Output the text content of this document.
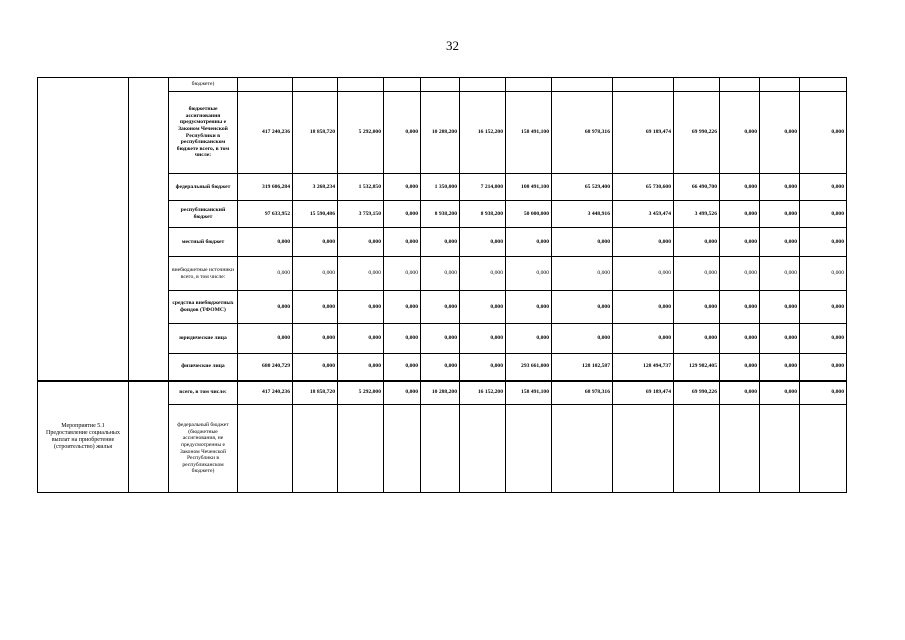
32
		бюджете)													
		бюджетные ассигнования предусмотренны е Законом Чеченской Республики в республиканском бюджете всего, в том числе:	417 240,236	18 858,720	5 292,000	0,000	10 288,200	16 152,200	158 491,100	68 978,316	69 189,474	69 990,226	0,000	0,000	0,000
		федеральный бюджет	319 606,284	3 268,234	1 532,850	0,000	1 350,000	7 214,000	108 491,100	65 529,400	65 730,600	66 490,700	0,000	0,000	0,000
		республиканский бюджет	97 633,952	15 590,486	3 759,150	0,000	8 938,200	8 938,200	50 000,000	3 448,916	3 459,474	3 499,526	0,000	0,000	0,000
		местный бюджет	0,000	0,000	0,000	0,000	0,000	0,000	0,000	0,000	0,000	0,000	0,000	0,000	0,000
		внебюджетные источники всего, в том числе:	0,000	0,000	0,000	0,000	0,000	0,000	0,000	0,000	0,000	0,000	0,000	0,000	0,000
		средства внебюджетных фондов (ТФОМС)	0,000	0,000	0,000	0,000	0,000	0,000	0,000	0,000	0,000	0,000	0,000	0,000	0,000
		юридические лица	0,000	0,000	0,000	0,000	0,000	0,000	0,000	0,000	0,000	0,000	0,000	0,000	0,000
		физические лица	680 240,729	0,000	0,000	0,000	0,000	0,000	293 661,000	128 102,587	128 494,737	129 982,405	0,000	0,000	0,000
Мероприятие 5.1 Предоставление социальных выплат на приобретение (строительство) жилья		всего, в том числе:	417 240,236	18 858,720	5 292,000	0,000	10 288,200	16 152,200	158 491,100	68 978,316	69 189,474	69 990,226	0,000	0,000	0,000
		федеральный бюджет (бюджетные ассигнования, не предусмотренны е Законом Чеченской Республики в республиканском бюджете)													
